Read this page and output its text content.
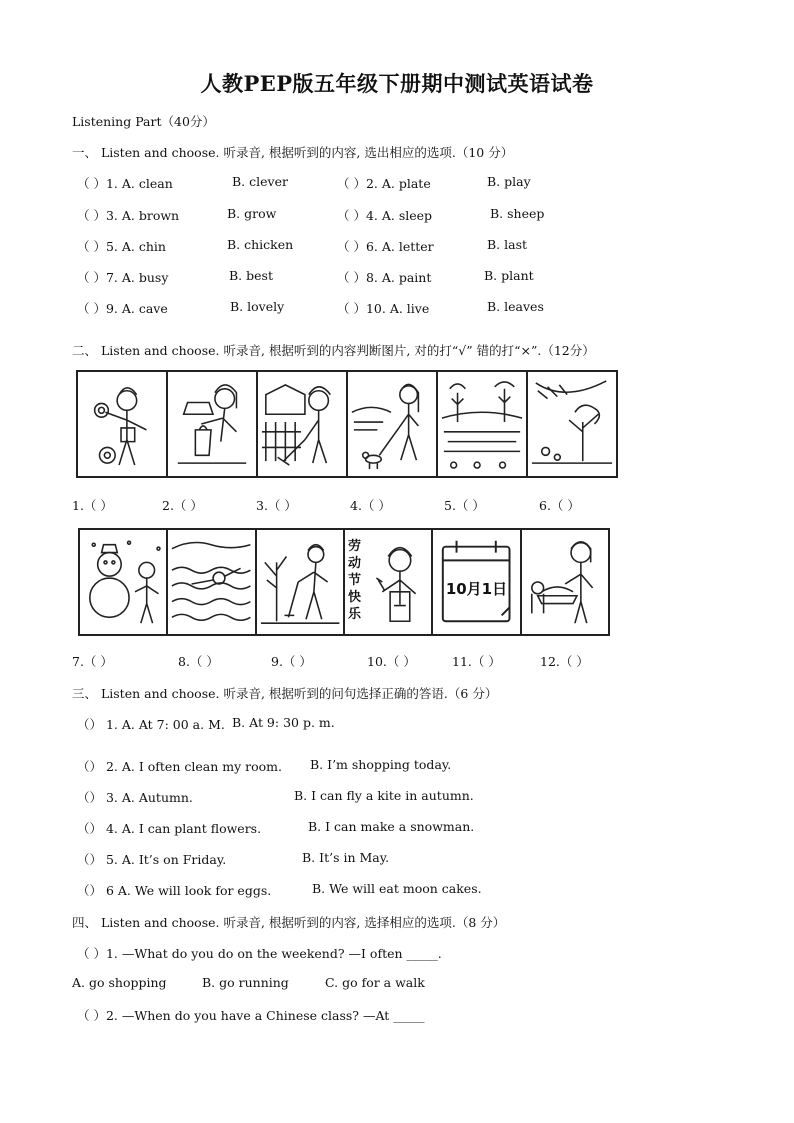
人教PEP版五年级下册期中测试英语试卷
Listening Part（40分）
一、 Listen and choose. 听录音, 根据听到的内容, 选出相应的选项.（10 分）
（ ）1. A. clean	B. clever	（ ）2. A. plate	B. play
（ ）3. A. brown	B. grow	（ ）4. A. sleep	B. sheep
（ ）5. A. chin	B. chicken	（ ）6. A. letter	B. last
（ ）7. A. busy	B. best	（ ）8. A. paint	B. plant
（ ）9. A. cave	B. lovely	（ ）10. A. live	B. leaves
二、 Listen and choose. 听录音, 根据听到的内容判断图片, 对的打“√” 错的打“×”.（12分）
1.（ ）	2.（ ）	3.（ ）	4.（ ）	5.（ ）	6.（ ）
劳
动
节
快
乐
10月1日
7.（ ）	8.（ ）	9.（ ）	10.（ ）	11.（ ）	12.（ ）
三、 Listen and choose. 听录音, 根据听到的问句选择正确的答语.（6 分）
（） 1. A. At 7: 00 a. M. B. At 9: 30 p. m.
（） 2. A. I often clean my room. B. I’m shopping today.
（） 3. A. Autumn.	B. I can fly a kite in autumn.
（） 4. A. I can plant flowers.	B. I can make a snowman.
（） 5. A. It’s on Friday.	B. It’s in May.
（） 6 A. We will look for eggs.	B. We will eat moon cakes.
四、 Listen and choose. 听录音, 根据听到的内容, 选择相应的选项.（8 分）
（ ）1. —What do you do on the weekend? —I often _____.
A. go shopping	B. go running	C. go for a walk
（ ）2. —When do you have a Chinese class? —At _____
